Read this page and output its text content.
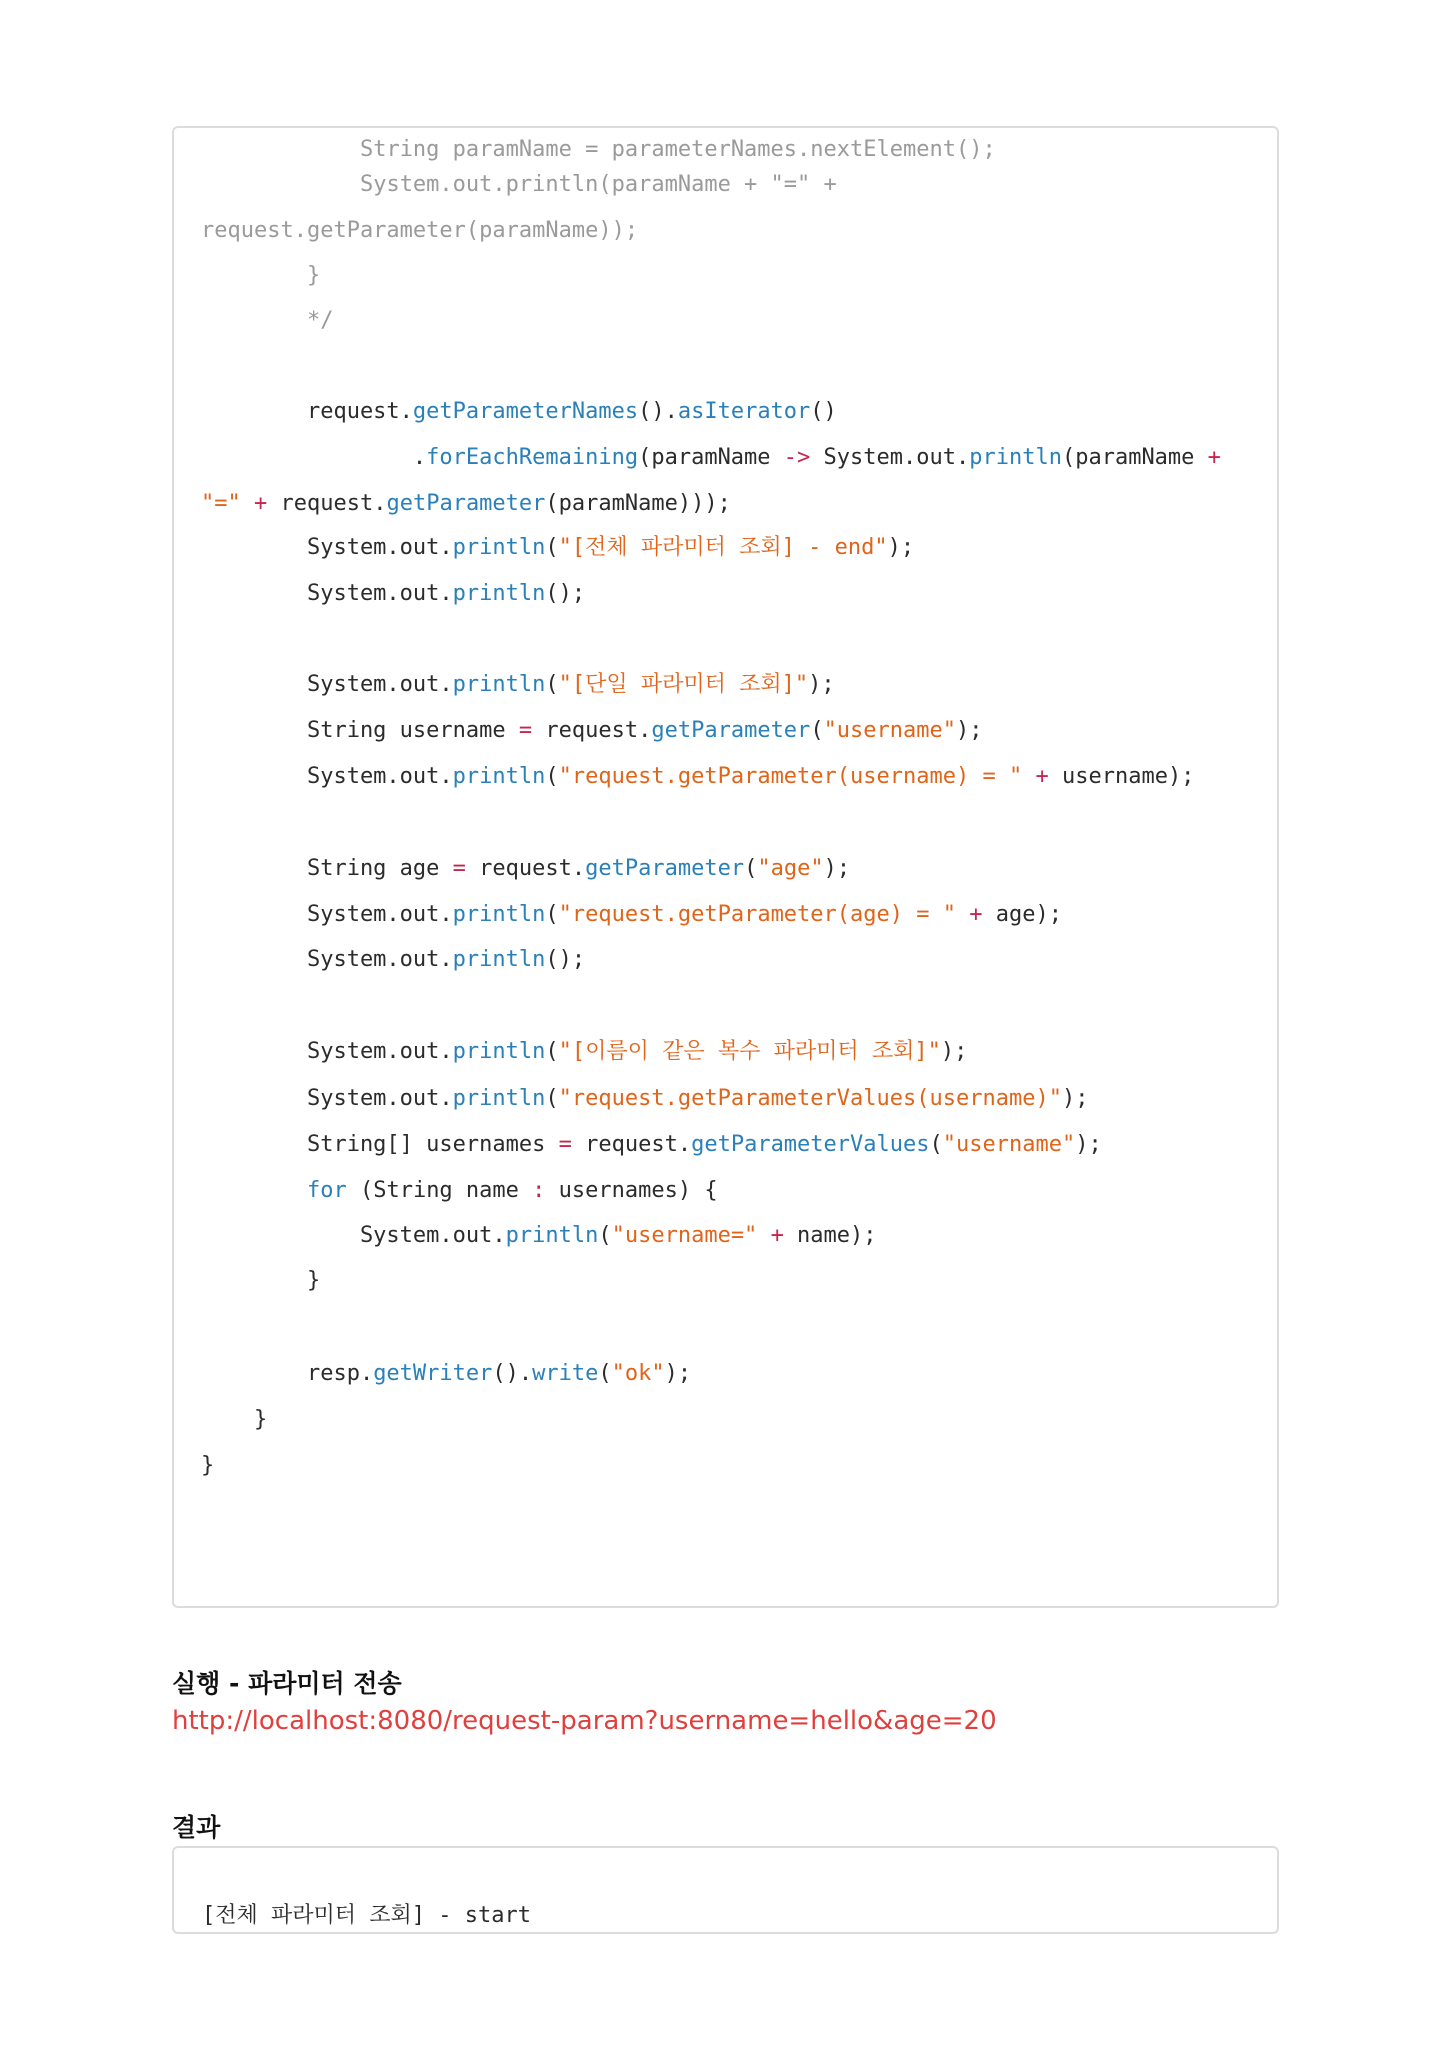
String paramName = parameterNames.nextElement();
System.out.println(paramName + "=" +
request.getParameter(paramName));
}
*/
request.getParameterNames().asIterator()
.forEachRemaining(paramName -> System.out.println(paramName +
"=" + request.getParameter(paramName)));
System.out.println("[전체 파라미터 조회] - end");
System.out.println();
System.out.println("[단일 파라미터 조회]");
String username = request.getParameter("username");
System.out.println("request.getParameter(username) = " + username);
String age = request.getParameter("age");
System.out.println("request.getParameter(age) = " + age);
System.out.println();
System.out.println("[이름이 같은 복수 파라미터 조회]");
System.out.println("request.getParameterValues(username)");
String[] usernames = request.getParameterValues("username");
for (String name : usernames) {
System.out.println("username=" + name);
}
resp.getWriter().write("ok");
}
}
실행 - 파라미터 전송
http://localhost:8080/request-param?username=hello&age=20
결과
[전체 파라미터 조회] - start
